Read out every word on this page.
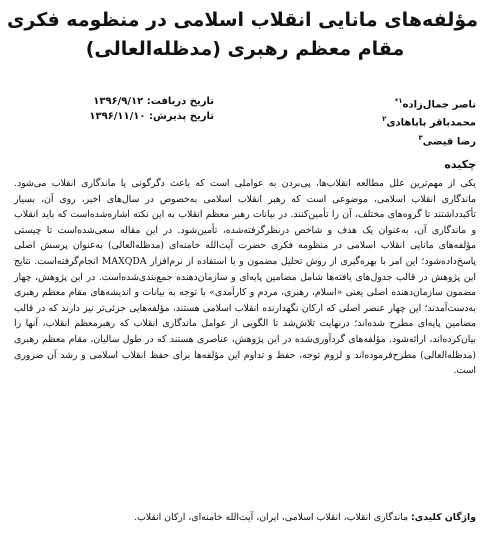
مؤلفه‌های مانایی انقلاب اسلامی در منظومه فکری
مقام معظم رهبری (مدظله‌العالی)
ناصر جمال‌زاده$^{۱*}$
محمدباقر باباهادی$^۲$
رضا فیضی$^۳$
تاریخ دریافت: ۱۳۹۶/۹/۱۲
تاریخ پذیرش: ۱۳۹۶/۱۱/۱۰
چکیده
یکی از مهم‌ترین علل مطالعه انقلاب‌ها، پی‌بردن به عواملی است که باعث دگرگونی یا ماندگاری انقلاب می‌شود. ماندگاری انقلاب اسلامی، موضوعی است که رهبر انقلاب اسلامی به‌خصوص در سال‌های اخیر، روی آن، بسیار تأکیدداشتند تا گروه‌های مختلف، آن را تأمین‌کنند. در بیانات رهبر معظم انقلاب به این نکته اشاره‌شده‌است که باید انقلاب و ماندگاری آن، به‌عنوان یک هدف و شاخص درنظرگرفته‌شده، تأمین‌شود. در این مقاله سعی‌شده‌است تا چیستی مؤلفه‌های مانایی انقلاب اسلامی در منظومه فکری حضرت آیت‌الله خامنه‌ای (مدظله‌العالی) به‌عنوان پرسش اصلی پاسخ‌داده‌شود؛ این امر با بهره‌گیری از روش تحلیل مضمون و با استفاده از نرم‌افزار MAXQDA انجام‌گرفته‌است. نتایج این پژوهش در قالب جدول‌های یافته‌ها شامل مضامین پایه‌ای و سازمان‌دهنده جمع‌بندی‌شده‌است. در این پژوهش، چهار مضمون سازمان‌دهنده اصلی یعنی «اسلام، رهبری، مردم و کارآمدی» با توجه به بیانات و اندیشه‌های مقام معظم رهبری به‌دست‌آمدند؛ این چهار عنصر اصلی که ارکان نگهدارنده انقلاب اسلامی هستند، مؤلفه‌هایی جزئی‌تر نیز دارند که در قالب مضامین پایه‌ای مطرح شده‌اند؛ درنهایت تلاش‌شد تا الگویی از عوامل ماندگاری انقلاب که رهبرمعظم انقلاب، آنها را بیان‌کرده‌اند، ارائه‌شود. مؤلفه‌های گردآوری‌شده در این پژوهش، عناصری هستند که در طول سالیان، مقام معظم رهبری (مدظله‌العالی) مطرح‌فرموده‌اند و لزوم توجه، حفظ و تداوم این مؤلفه‌ها برای حفظ انقلاب اسلامی و رشد آن ضروری است.
واژگان کلیدی: ماندگاری انقلاب، انقلاب اسلامی، ایران، آیت‌الله خامنه‌ای، ارکان انقلاب.
